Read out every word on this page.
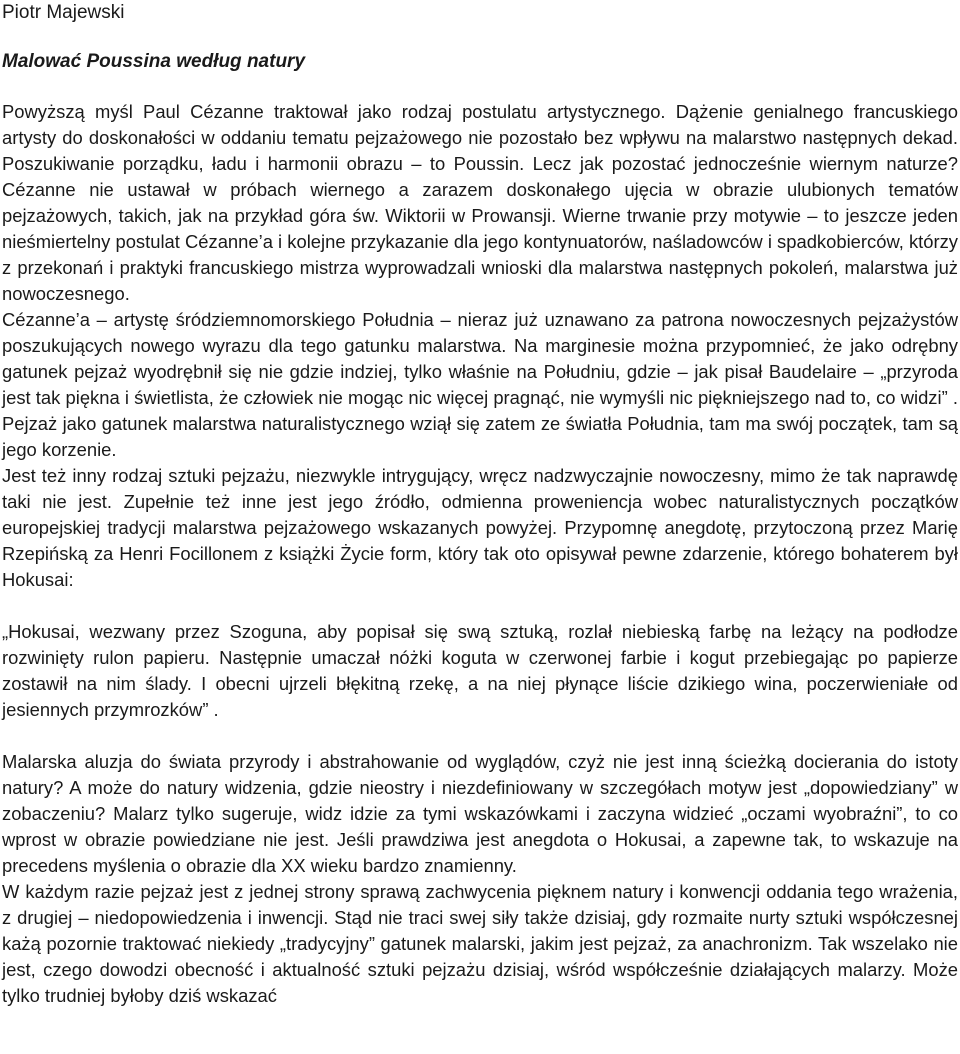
Piotr Majewski
Malować Poussina według natury

Powyższą myśl Paul Cézanne traktował jako rodzaj postulatu artystycznego. Dążenie genialnego francuskiego artysty do doskonałości w oddaniu tematu pejzażowego nie pozostało bez wpływu na malarstwo następnych dekad. Poszukiwanie porządku, ładu i harmonii obrazu – to Poussin. Lecz jak pozostać jednocześnie wiernym naturze? Cézanne nie ustawał w próbach wiernego a zarazem doskonałego ujęcia w obrazie ulubionych tematów pejzażowych, takich, jak na przykład góra św. Wiktorii w Prowansji. Wierne trwanie przy motywie – to jeszcze jeden nieśmiertelny postulat Cézanne’a i kolejne przykazanie dla jego kontynuatorów, naśladowców i spadkobierców, którzy z przekonań i praktyki francuskiego mistrza wyprowadzali wnioski dla malarstwa następnych pokoleń, malarstwa już nowoczesnego.

Cézanne’a – artystę śródziemnomorskiego Południa – nieraz już uznawano za patrona nowoczesnych pejzażystów poszukujących nowego wyrazu dla tego gatunku malarstwa. Na marginesie można przypomnieć, że jako odrębny gatunek pejzaż wyodrębnił się nie gdzie indziej, tylko właśnie na Południu, gdzie – jak pisał Baudelaire – „przyroda jest tak piękna i świetlista, że człowiek nie mogąc nic więcej pragnąć, nie wymyśli nic piękniejszego nad to, co widzi” . Pejzaż jako gatunek malarstwa naturalistycznego wziął się zatem ze światła Południa, tam ma swój początek, tam są jego korzenie.

Jest też inny rodzaj sztuki pejzażu, niezwykle intrygujący, wręcz nadzwyczajnie nowoczesny, mimo że tak naprawdę taki nie jest. Zupełnie też inne jest jego źródło, odmienna proweniencja wobec naturalistycznych początków europejskiej tradycji malarstwa pejzażowego wskazanych powyżej. Przypomnę anegdotę, przytoczoną przez Marię Rzepińską za Henri Focillonem z książki Życie form, który tak oto opisywał pewne zdarzenie, którego bohaterem był Hokusai:

„Hokusai, wezwany przez Szoguna, aby popisał się swą sztuką, rozlał niebieską farbę na leżący na podłodze rozwinięty rulon papieru. Następnie umaczał nóżki koguta w czerwonej farbie i kogut przebiegając po papierze zostawił na nim ślady. I obecni ujrzeli błękitną rzekę, a na niej płynące liście dzikiego wina, poczerwieniałe od jesiennych przymrozków” .

Malarska aluzja do świata przyrody i abstrahowanie od wyglądów, czyż nie jest inną ścieżką docierania do istoty natury? A może do natury widzenia, gdzie nieostry i niezdefiniowany w szczegółach motyw jest „dopowiedziany” w zobaczeniu? Malarz tylko sugeruje, widz idzie za tymi wskazówkami i zaczyna widzieć „oczami wyobraźni”, to co wprost w obrazie powiedziane nie jest. Jeśli prawdziwa jest anegdota o Hokusai, a zapewne tak, to wskazuje na precedens myślenia o obrazie dla XX wieku bardzo znamienny.

W każdym razie pejzaż jest z jednej strony sprawą zachwycenia pięknem natury i konwencji oddania tego wrażenia, z drugiej – niedopowiedzenia i inwencji. Stąd nie traci swej siły także dzisiaj, gdy rozmaite nurty sztuki współczesnej każą pozornie traktować niekiedy „tradycyjny” gatunek malarski, jakim jest pejzaż, za anachronizm. Tak wszelako nie jest, czego dowodzi obecność i aktualność sztuki pejzażu dzisiaj, wśród współcześnie działających malarzy. Może tylko trudniej byłoby dziś wskazać
